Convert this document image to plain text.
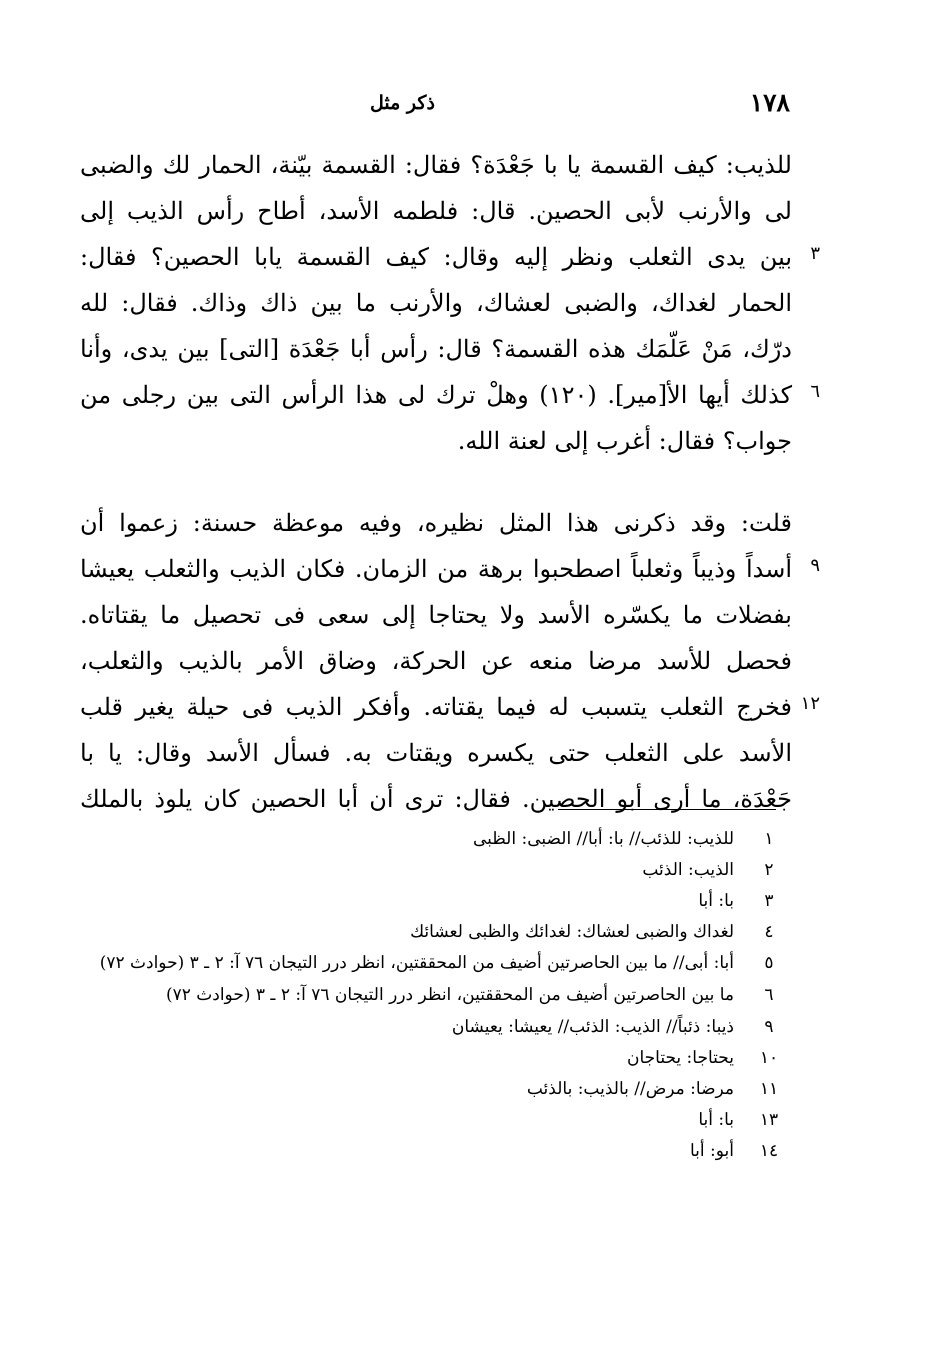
١٧٨
ذكر مثل
للذيب: كيف القسمة يا با جَعْدَة؟ فقال: القسمة بيّنة، الحمار لك والضبى
لى والأرنب لأبى الحصين. قال: فلطمه الأسد، أطاح رأس الذيب إلى
٣
بين يدى الثعلب ونظر إليه وقال: كيف القسمة يابا الحصين؟ فقال:
الحمار لغداك، والضبى لعشاك، والأرنب ما بين ذاك وذاك. فقال: لله
درّك، مَنْ عَلّمَك هذه القسمة؟ قال: رأس أبا جَعْدَة [التى] بين يدى، وأنا
٦
كذلك أيها الأ[مير]. (١٢٠) وهلْ ترك لى هذا الرأس التى بين رجلى من
جواب؟ فقال: أغرب إلى لعنة الله.
قلت: وقد ذكرنى هذا المثل نظيره، وفيه موعظة حسنة: زعموا أن
٩
أسداً وذيباً وثعلباً اصطحبوا برهة من الزمان. فكان الذيب والثعلب يعيشا
بفضلات ما يكسّره الأسد ولا يحتاجا إلى سعى فى تحصيل ما يقتاتاه.
فحصل للأسد مرضا منعه عن الحركة، وضاق الأمر بالذيب والثعلب،
١٢
فخرج الثعلب يتسبب له فيما يقتاته. وأفكر الذيب فى حيلة يغير قلب
الأسد على الثعلب حتى يكسره ويقتات به. فسأل الأسد وقال: يا با
جَعْدَة، ما أرى أبو الحصين. فقال: ترى أن أبا الحصين كان يلوذ بالملك
١
للذيب: للذئب// با: أبا// الضبى: الظبى
٢
الذيب: الذئب
٣
با: أبا
٤
لغداك والضبى لعشاك: لغدائك والظبى لعشائك
٥
أبا: أبى// ما بين الحاصرتين أضيف من المحققتين، انظر درر التيجان ٧٦ آ: ٢ ـ ٣ (حوادث ٧٢)
٦
ما بين الحاصرتين أضيف من المحققتين، انظر درر التيجان ٧٦ آ: ٢ ـ ٣ (حوادث ٧٢)
٩
ذيبا: ذئباً// الذيب: الذئب// يعيشا: يعيشان
١٠
يحتاجا: يحتاجان
١١
مرضا: مرض// بالذيب: بالذئب
١٣
با: أبا
١٤
أبو: أبا
